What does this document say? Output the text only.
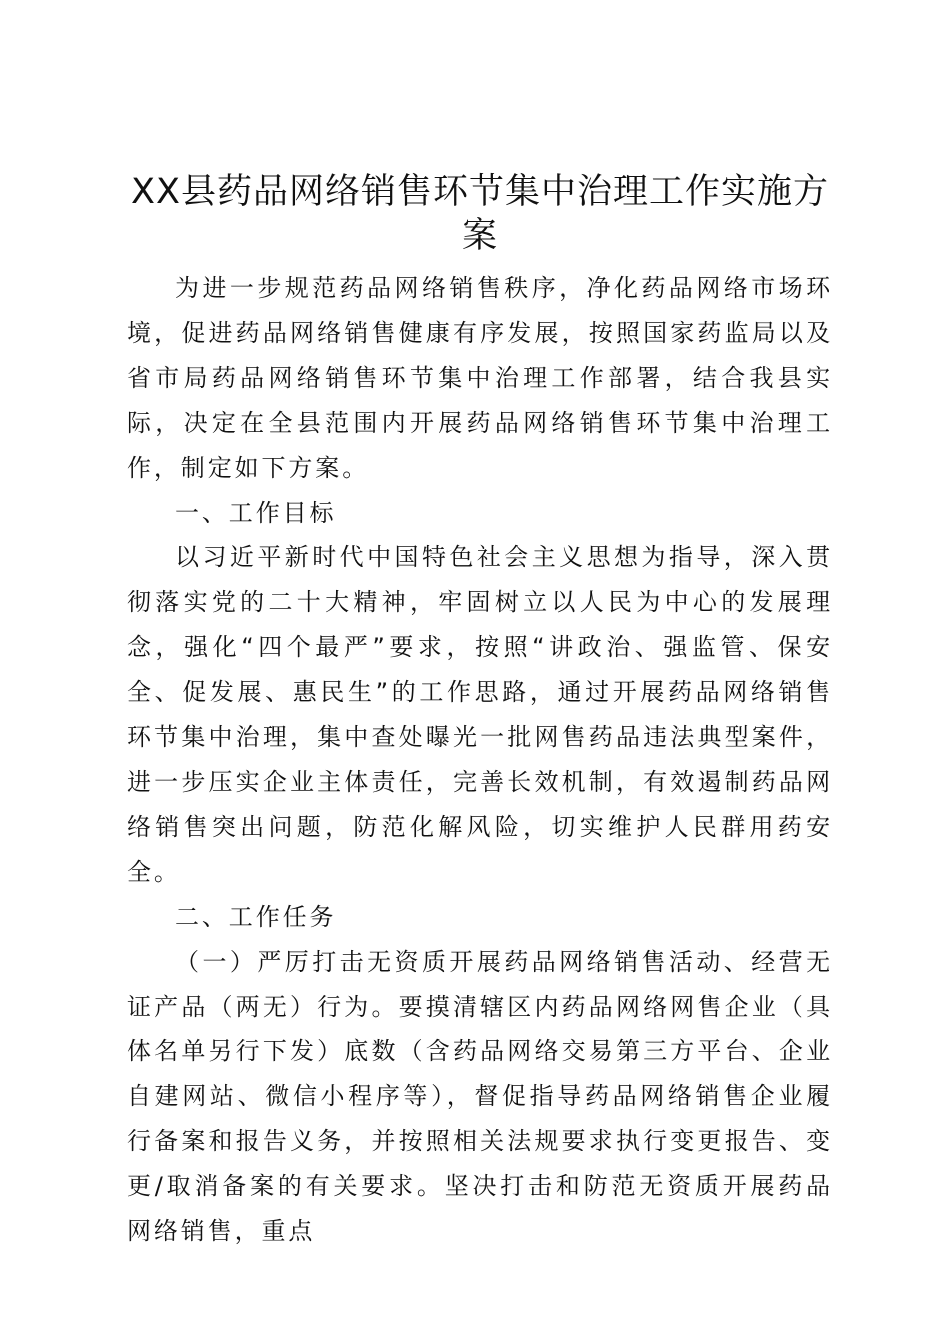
XX县药品网络销售环节集中治理工作实施方案

为进一步规范药品网络销售秩序，净化药品网络市场环境，促进药品网络销售健康有序发展，按照国家药监局以及省市局药品网络销售环节集中治理工作部署，结合我县实际，决定在全县范围内开展药品网络销售环节集中治理工作，制定如下方案。

一、工作目标

以习近平新时代中国特色社会主义思想为指导，深入贯彻落实党的二十大精神，牢固树立以人民为中心的发展理念，强化“四个最严”要求，按照“讲政治、强监管、保安全、促发展、惠民生”的工作思路，通过开展药品网络销售环节集中治理，集中查处曝光一批网售药品违法典型案件，进一步压实企业主体责任，完善长效机制，有效遏制药品网络销售突出问题，防范化解风险，切实维护人民群用药安全。

二、工作任务

（一）严厉打击无资质开展药品网络销售活动、经营无证产品（两无）行为。要摸清辖区内药品网络网售企业（具体名单另行下发）底数（含药品网络交易第三方平台、企业自建网站、微信小程序等），督促指导药品网络销售企业履行备案和报告义务，并按照相关法规要求执行变更报告、变更/取消备案的有关要求。坚决打击和防范无资质开展药品网络销售，重点
